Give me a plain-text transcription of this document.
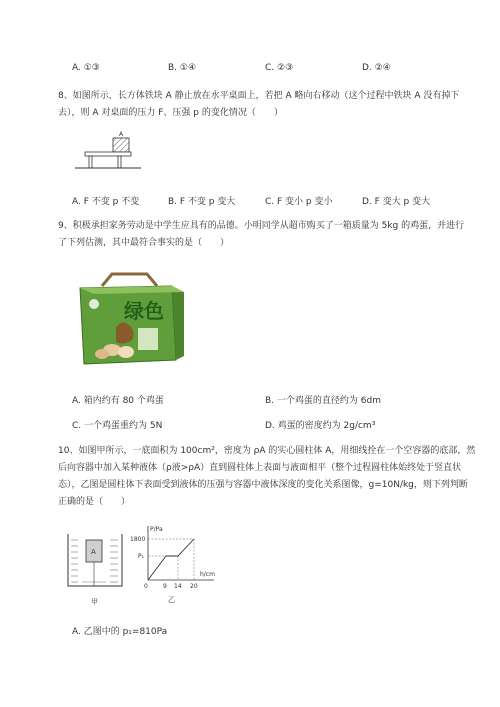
A. ①③	B. ①④	C. ②③	D. ②④
8、如图所示，长方体铁块 A 静止放在水平桌面上，若把 A 略向右移动（这个过程中铁块 A 没有掉下
去），则 A 对桌面的压力 F、压强 p 的变化情况（　　）
A
A. F 不变 p 不变	B. F 不变 p 变大	C. F 变小 p 变小	D. F 变大 p 变大
9、积极承担家务劳动是中学生应具有的品德。小明同学从超市购买了一箱质量为 5kg 的鸡蛋，并进行
了下列估测，其中最符合事实的是（　　）
绿色
A. 箱内约有 80 个鸡蛋	B. 一个鸡蛋的直径约为 6dm
C. 一个鸡蛋重约为 5N	D. 鸡蛋的密度约为 2g/cm³
10、如图甲所示，一底面积为 100cm²，密度为 ρA 的实心圆柱体 A，用细线拴在一个空容器的底部，然
后向容器中加入某种液体（ρ液>ρA）直到圆柱体上表面与液面相平（整个过程圆柱体始终处于竖直状
态），乙图是圆柱体下表面受到液体的压强与容器中液体深度的变化关系图像，g=10N/kg，则下列判断
正确的是（　　）
A
甲
P/Pa
h/cm
1800
P₁
0	9 14 20
乙
A. 乙图中的 p₁=810Pa
